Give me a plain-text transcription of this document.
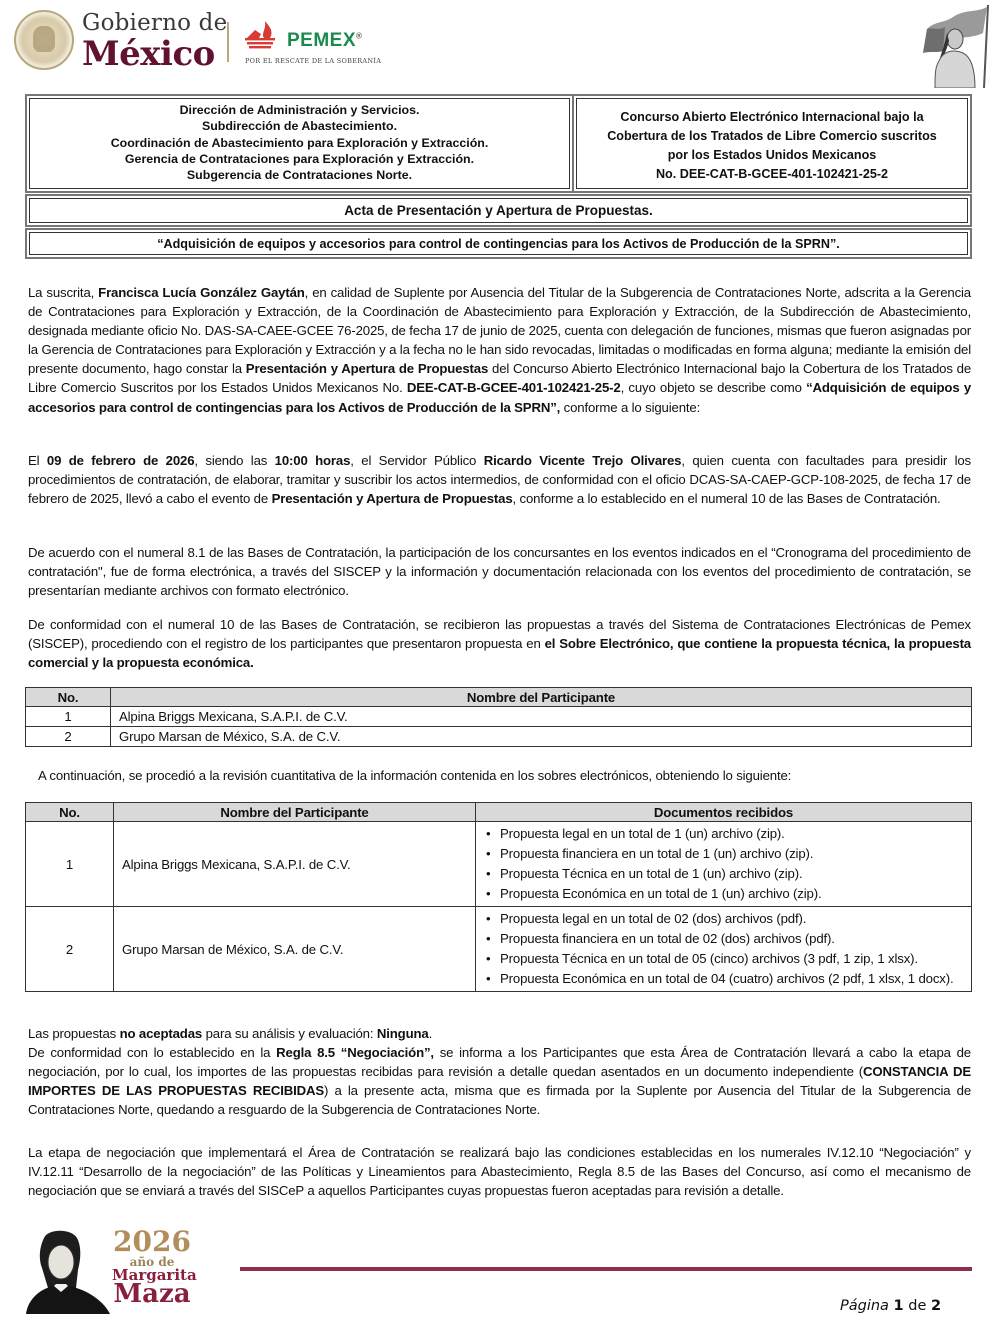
Gobierno de
México	PEMEX®
POR EL RESCATE DE LA SOBERANÍA
Dirección de Administración y Servicios.
Subdirección de Abastecimiento.
Coordinación de Abastecimiento para Exploración y Extracción.
Gerencia de Contrataciones para Exploración y Extracción.
Subgerencia de Contrataciones Norte.
Concurso Abierto Electrónico Internacional bajo la
Cobertura de los Tratados de Libre Comercio suscritos
por los Estados Unidos Mexicanos
No. DEE-CAT-B-GCEE-401-102421-25-2
Acta de Presentación y Apertura de Propuestas.
“Adquisición de equipos y accesorios para control de contingencias para los Activos de Producción de la SPRN”.
La suscrita, Francisca Lucía González Gaytán, en calidad de Suplente por Ausencia del Titular de la Subgerencia de Contrataciones Norte, adscrita a la Gerencia de Contrataciones para Exploración y Extracción, de la Coordinación de Abastecimiento para Exploración y Extracción, de la Subdirección de Abastecimiento, designada mediante oficio No. DAS-SA-CAEE-GCEE 76-2025, de fecha 17 de junio de 2025, cuenta con delegación de funciones, mismas que fueron asignadas por la Gerencia de Contrataciones para Exploración y Extracción y a la fecha no le han sido revocadas, limitadas o modificadas en forma alguna; mediante la emisión del presente documento, hago constar la Presentación y Apertura de Propuestas del Concurso Abierto Electrónico Internacional bajo la Cobertura de los Tratados de Libre Comercio Suscritos por los Estados Unidos Mexicanos No. DEE-CAT-B-GCEE-401-102421-25-2, cuyo objeto se describe como “Adquisición de equipos y accesorios para control de contingencias para los Activos de Producción de la SPRN”, conforme a lo siguiente:
El 09 de febrero de 2026, siendo las 10:00 horas, el Servidor Público Ricardo Vicente Trejo Olivares, quien cuenta con facultades para presidir los procedimientos de contratación, de elaborar, tramitar y suscribir los actos intermedios, de conformidad con el oficio DCAS-SA-CAEP-GCP-108-2025, de fecha 17 de febrero de 2025, llevó a cabo el evento de Presentación y Apertura de Propuestas, conforme a lo establecido en el numeral 10 de las Bases de Contratación.
De acuerdo con el numeral 8.1 de las Bases de Contratación, la participación de los concursantes en los eventos indicados en el “Cronograma del procedimiento de contratación", fue de forma electrónica, a través del SISCEP y la información y documentación relacionada con los eventos del procedimiento de contratación, se presentarían mediante archivos con formato electrónico.
De conformidad con el numeral 10 de las Bases de Contratación, se recibieron las propuestas a través del Sistema de Contrataciones Electrónicas de Pemex (SISCEP), procediendo con el registro de los participantes que presentaron propuesta en el Sobre Electrónico, que contiene la propuesta técnica, la propuesta comercial y la propuesta económica.
No.	Nombre del Participante
1	Alpina Briggs Mexicana, S.A.P.I. de C.V.
2	Grupo Marsan de México, S.A. de C.V.
A continuación, se procedió a la revisión cuantitativa de la información contenida en los sobres electrónicos, obteniendo lo siguiente:
No.	Nombre del Participante	Documentos recibidos
1	Alpina Briggs Mexicana, S.A.P.I. de C.V.	
• Propuesta legal en un total de 1 (un) archivo (zip).
• Propuesta financiera en un total de 1 (un) archivo (zip).
• Propuesta Técnica en un total de 1 (un) archivo (zip).
• Propuesta Económica en un total de 1 (un) archivo (zip).

2	Grupo Marsan de México, S.A. de C.V.	
• Propuesta legal en un total de 02 (dos) archivos (pdf).
• Propuesta financiera en un total de 02 (dos) archivos (pdf).
• Propuesta Técnica en un total de 05 (cinco) archivos (3 pdf, 1 zip, 1 xlsx).
• Propuesta Económica en un total de 04 (cuatro) archivos (2 pdf, 1 xlsx, 1 docx).
Las propuestas no aceptadas para su análisis y evaluación: Ninguna.
De conformidad con lo establecido en la Regla 8.5 “Negociación”, se informa a los Participantes que esta Área de Contratación llevará a cabo la etapa de negociación, por lo cual, los importes de las propuestas recibidas para revisión a detalle quedan asentados en un documento independiente (CONSTANCIA DE IMPORTES DE LAS PROPUESTAS RECIBIDAS) a la presente acta, misma que es firmada por la Suplente por Ausencia del Titular de la Subgerencia de Contrataciones Norte, quedando a resguardo de la Subgerencia de Contrataciones Norte.
La etapa de negociación que implementará el Área de Contratación se realizará bajo las condiciones establecidas en los numerales IV.12.10 “Negociación” y IV.12.11 “Desarrollo de la negociación” de las Políticas y Lineamientos para Abastecimiento, Regla 8.5 de las Bases del Concurso, así como el mecanismo de negociación que se enviará a través del SISCeP a aquellos Participantes cuyas propuestas fueron aceptadas para revisión a detalle.
2026
año de
Margarita
Maza	Página 1 de 2
